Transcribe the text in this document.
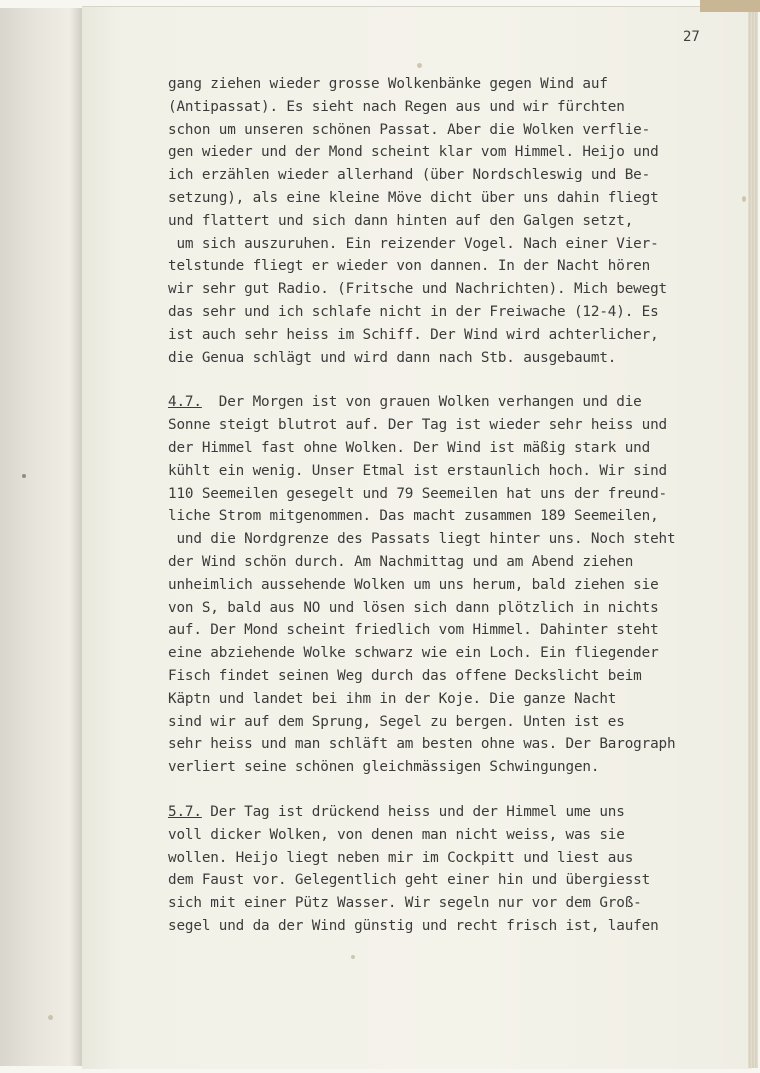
27

gang ziehen wieder grosse Wolkenbänke gegen Wind auf
(Antipassat). Es sieht nach Regen aus und wir fürchten
schon um unseren schönen Passat. Aber die Wolken verflie-
gen wieder und der Mond scheint klar vom Himmel. Heijo und
ich erzählen wieder allerhand (über Nordschleswig und Be-
setzung), als eine kleine Möve dicht über uns dahin fliegt
und flattert und sich dann hinten auf den Galgen setzt,
um sich auszuruhen. Ein reizender Vogel. Nach einer Vier-
telstunde fliegt er wieder von dannen. In der Nacht hören
wir sehr gut Radio. (Fritsche und Nachrichten). Mich bewegt
das sehr und ich schlafe nicht in der Freiwache (12-4). Es
ist auch sehr heiss im Schiff. Der Wind wird achterlicher,
die Genua schlägt und wird dann nach Stb. ausgebaumt.

4.7.  Der Morgen ist von grauen Wolken verhangen und die
Sonne steigt blutrot auf. Der Tag ist wieder sehr heiss und
der Himmel fast ohne Wolken. Der Wind ist mäßig stark und
kühlt ein wenig. Unser Etmal ist erstaunlich hoch. Wir sind
110 Seemeilen gesegelt und 79 Seemeilen hat uns der freund-
liche Strom mitgenommen. Das macht zusammen 189 Seemeilen,
und die Nordgrenze des Passats liegt hinter uns. Noch steht
der Wind schön durch. Am Nachmittag und am Abend ziehen
unheimlich aussehende Wolken um uns herum, bald ziehen sie
von S, bald aus NO und lösen sich dann plötzlich in nichts
auf. Der Mond scheint friedlich vom Himmel. Dahinter steht
eine abziehende Wolke schwarz wie ein Loch. Ein fliegender
Fisch findet seinen Weg durch das offene Deckslicht beim
Käptn und landet bei ihm in der Koje. Die ganze Nacht
sind wir auf dem Sprung, Segel zu bergen. Unten ist es
sehr heiss und man schläft am besten ohne was. Der Barograph
verliert seine schönen gleichmässigen Schwingungen.

5.7. Der Tag ist drückend heiss und der Himmel ume uns
voll dicker Wolken, von denen man nicht weiss, was sie
wollen. Heijo liegt neben mir im Cockpitt und liest aus
dem Faust vor. Gelegentlich geht einer hin und übergiesst
sich mit einer Pütz Wasser. Wir segeln nur vor dem Groß-
segel und da der Wind günstig und recht frisch ist, laufen
